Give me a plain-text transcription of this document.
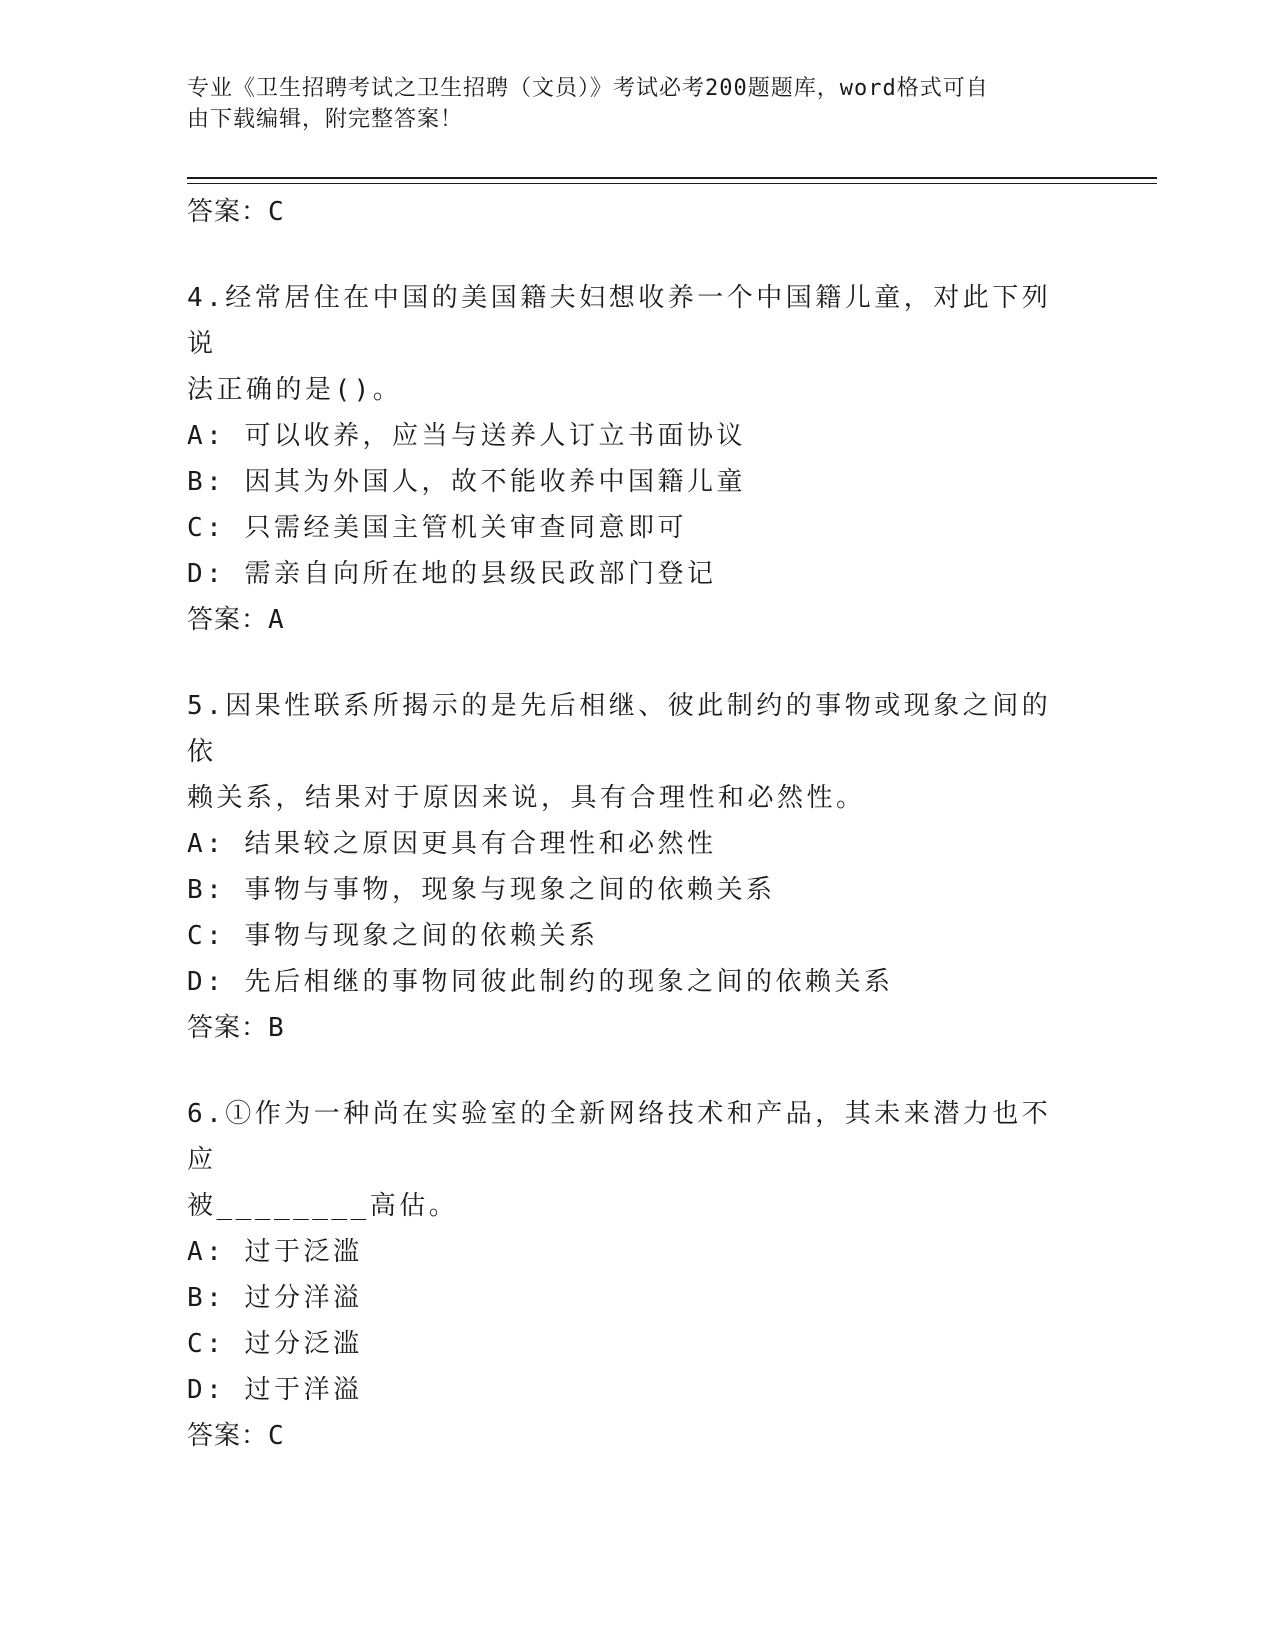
专业《卫生招聘考试之卫生招聘（文员）》考试必考200题题库，word格式可自
由下载编辑，附完整答案！
答案：C
4.经常居住在中国的美国籍夫妇想收养一个中国籍儿童，对此下列说
法正确的是()。
A: 可以收养，应当与送养人订立书面协议
B: 因其为外国人，故不能收养中国籍儿童
C: 只需经美国主管机关审查同意即可
D: 需亲自向所在地的县级民政部门登记
答案：A
5.因果性联系所揭示的是先后相继、彼此制约的事物或现象之间的依
赖关系，结果对于原因来说，具有合理性和必然性。
A: 结果较之原因更具有合理性和必然性
B: 事物与事物，现象与现象之间的依赖关系
C: 事物与现象之间的依赖关系
D: 先后相继的事物同彼此制约的现象之间的依赖关系
答案：B
6.①作为一种尚在实验室的全新网络技术和产品，其未来潜力也不应
被________高估。
A: 过于泛滥
B: 过分洋溢
C: 过分泛滥
D: 过于洋溢
答案：C
